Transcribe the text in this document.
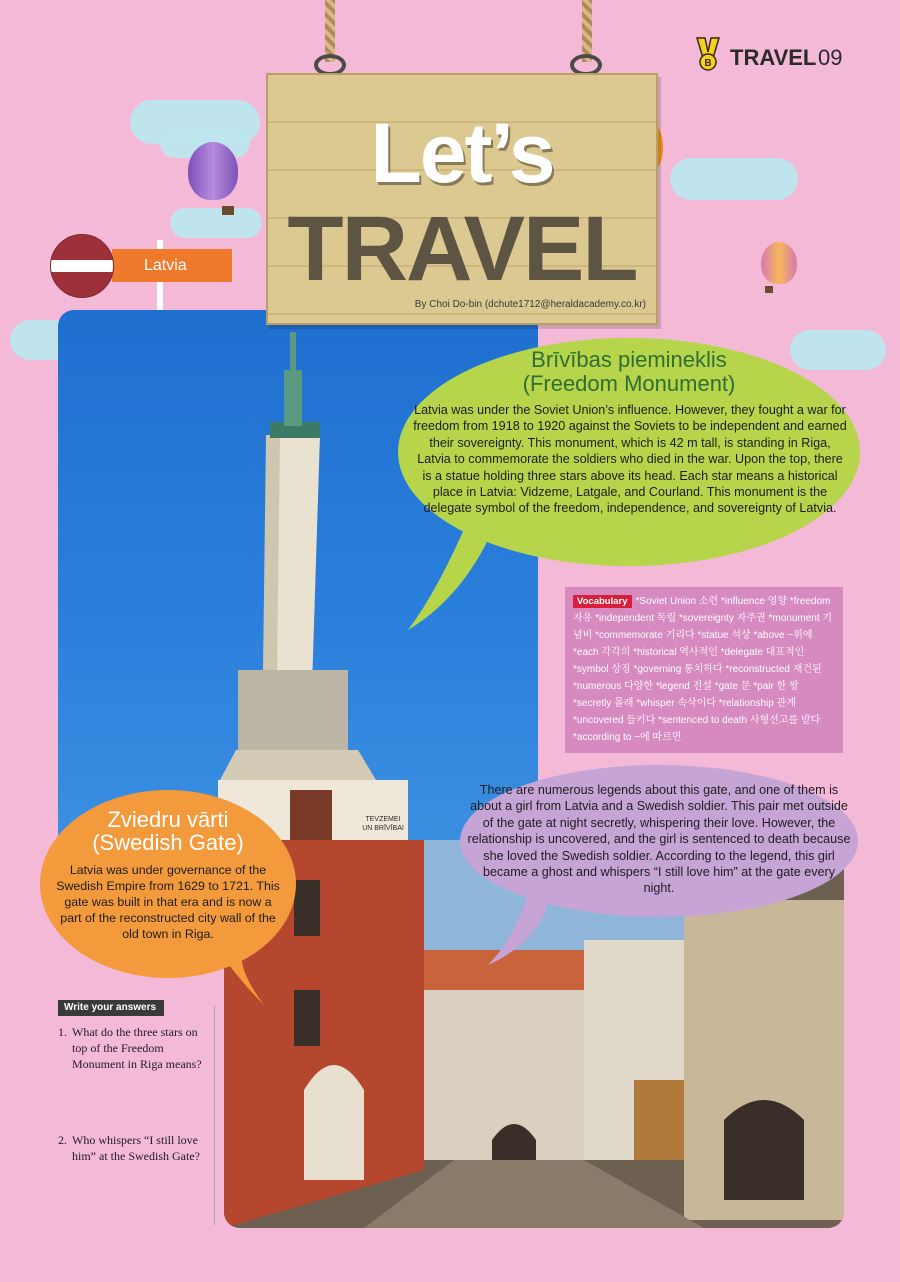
B TRAVEL 09
TEVZEMEI UN BRĪVĪBAI
Let’s
TRAVEL
By Choi Do-bin (dchute1712@heraldacademy.co.kr)
Latvia
Brīvības piemineklis
(Freedom Monument)
Latvia was under the Soviet Union’s influence. However, they fought a war for freedom from 1918 to 1920 against the Soviets to be independent and earned their sovereignty. This monument, which is 42 m tall, is standing in Riga, Latvia to commemorate the soldiers who died in the war. Upon the top, there is a statue holding three stars above its head. Each star means a historical place in Latvia: Vidzeme, Latgale, and Courland. This monument is the delegate symbol of the freedom, independence, and sovereignty of Latvia.
Vocabulary *Soviet Union 소련 *influence 영향 *freedom 자유 *independent 독립 *sovereignty 자주권 *monument 기념비 *commemorate 기리다 *statue 석상 *above ~위에 *each 각각의 *historical 역사적인 *delegate 대표적인 *symbol 상징 *governing 통치하다 *reconstructed 재건된 *numerous 다양한 *legend 전설 *gate 문 *pair 한 쌍 *secretly 몰래 *whisper 속삭이다 *relationship 관계 *uncovered 들키다 *sentenced to death 사형선고를 받다 *according to ~에 따르면
There are numerous legends about this gate, and one of them is about a girl from Latvia and a Swedish soldier. This pair met outside of the gate at night secretly, whispering their love. However, the relationship is uncovered, and the girl is sentenced to death because she loved the Swedish soldier. According to the legend, this girl became a ghost and whispers “I still love him” at the gate every night.
Zviedru vārti
(Swedish Gate)
Latvia was under governance of the Swedish Empire from 1629 to 1721. This gate was built in that era and is now a part of the reconstructed city wall of the old town in Riga.
Write your answers
1. What do the three stars on top of the Freedom Monument in Riga means?
2. Who whispers “I still love him” at the Swedish Gate?
